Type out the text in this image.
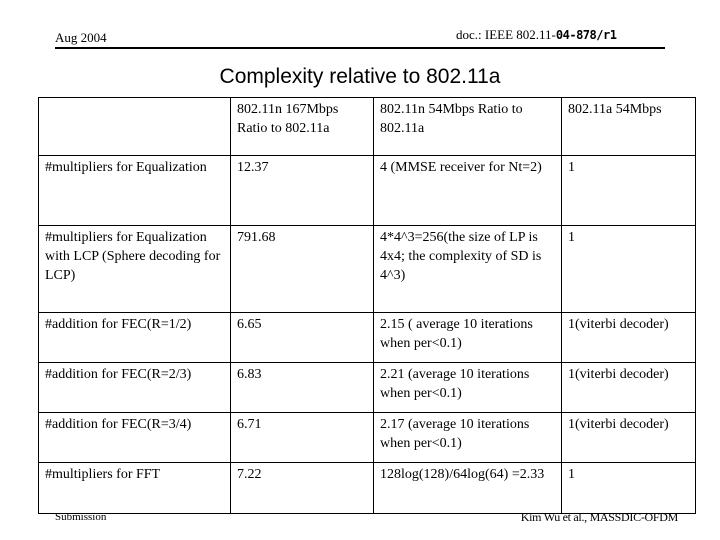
Aug 2004	doc.: IEEE 802.11-04-878/r1
Complexity relative to 802.11a
	802.11n 167Mbps Ratio to 802.11a	802.11n 54Mbps Ratio to 802.11a	802.11a 54Mbps
#multipliers for Equalization	12.37	4 (MMSE receiver for Nt=2)	1
#multipliers for Equalization with LCP (Sphere decoding for LCP)	791.68	4*4^3=256(the size of LP is 4x4; the complexity of SD is 4^3)	1
#addition for FEC(R=1/2)	6.65	2.15 ( average 10 iterations when per<0.1)	1(viterbi decoder)
#addition for FEC(R=2/3)	6.83	2.21 (average 10 iterations when per<0.1)	1(viterbi decoder)
#addition for FEC(R=3/4)	6.71	2.17 (average 10 iterations when per<0.1)	1(viterbi decoder)
#multipliers for FFT	7.22	128log(128)/64log(64) =2.33	1
Submission	Kim Wu et al., MASSDIC-OFDM
